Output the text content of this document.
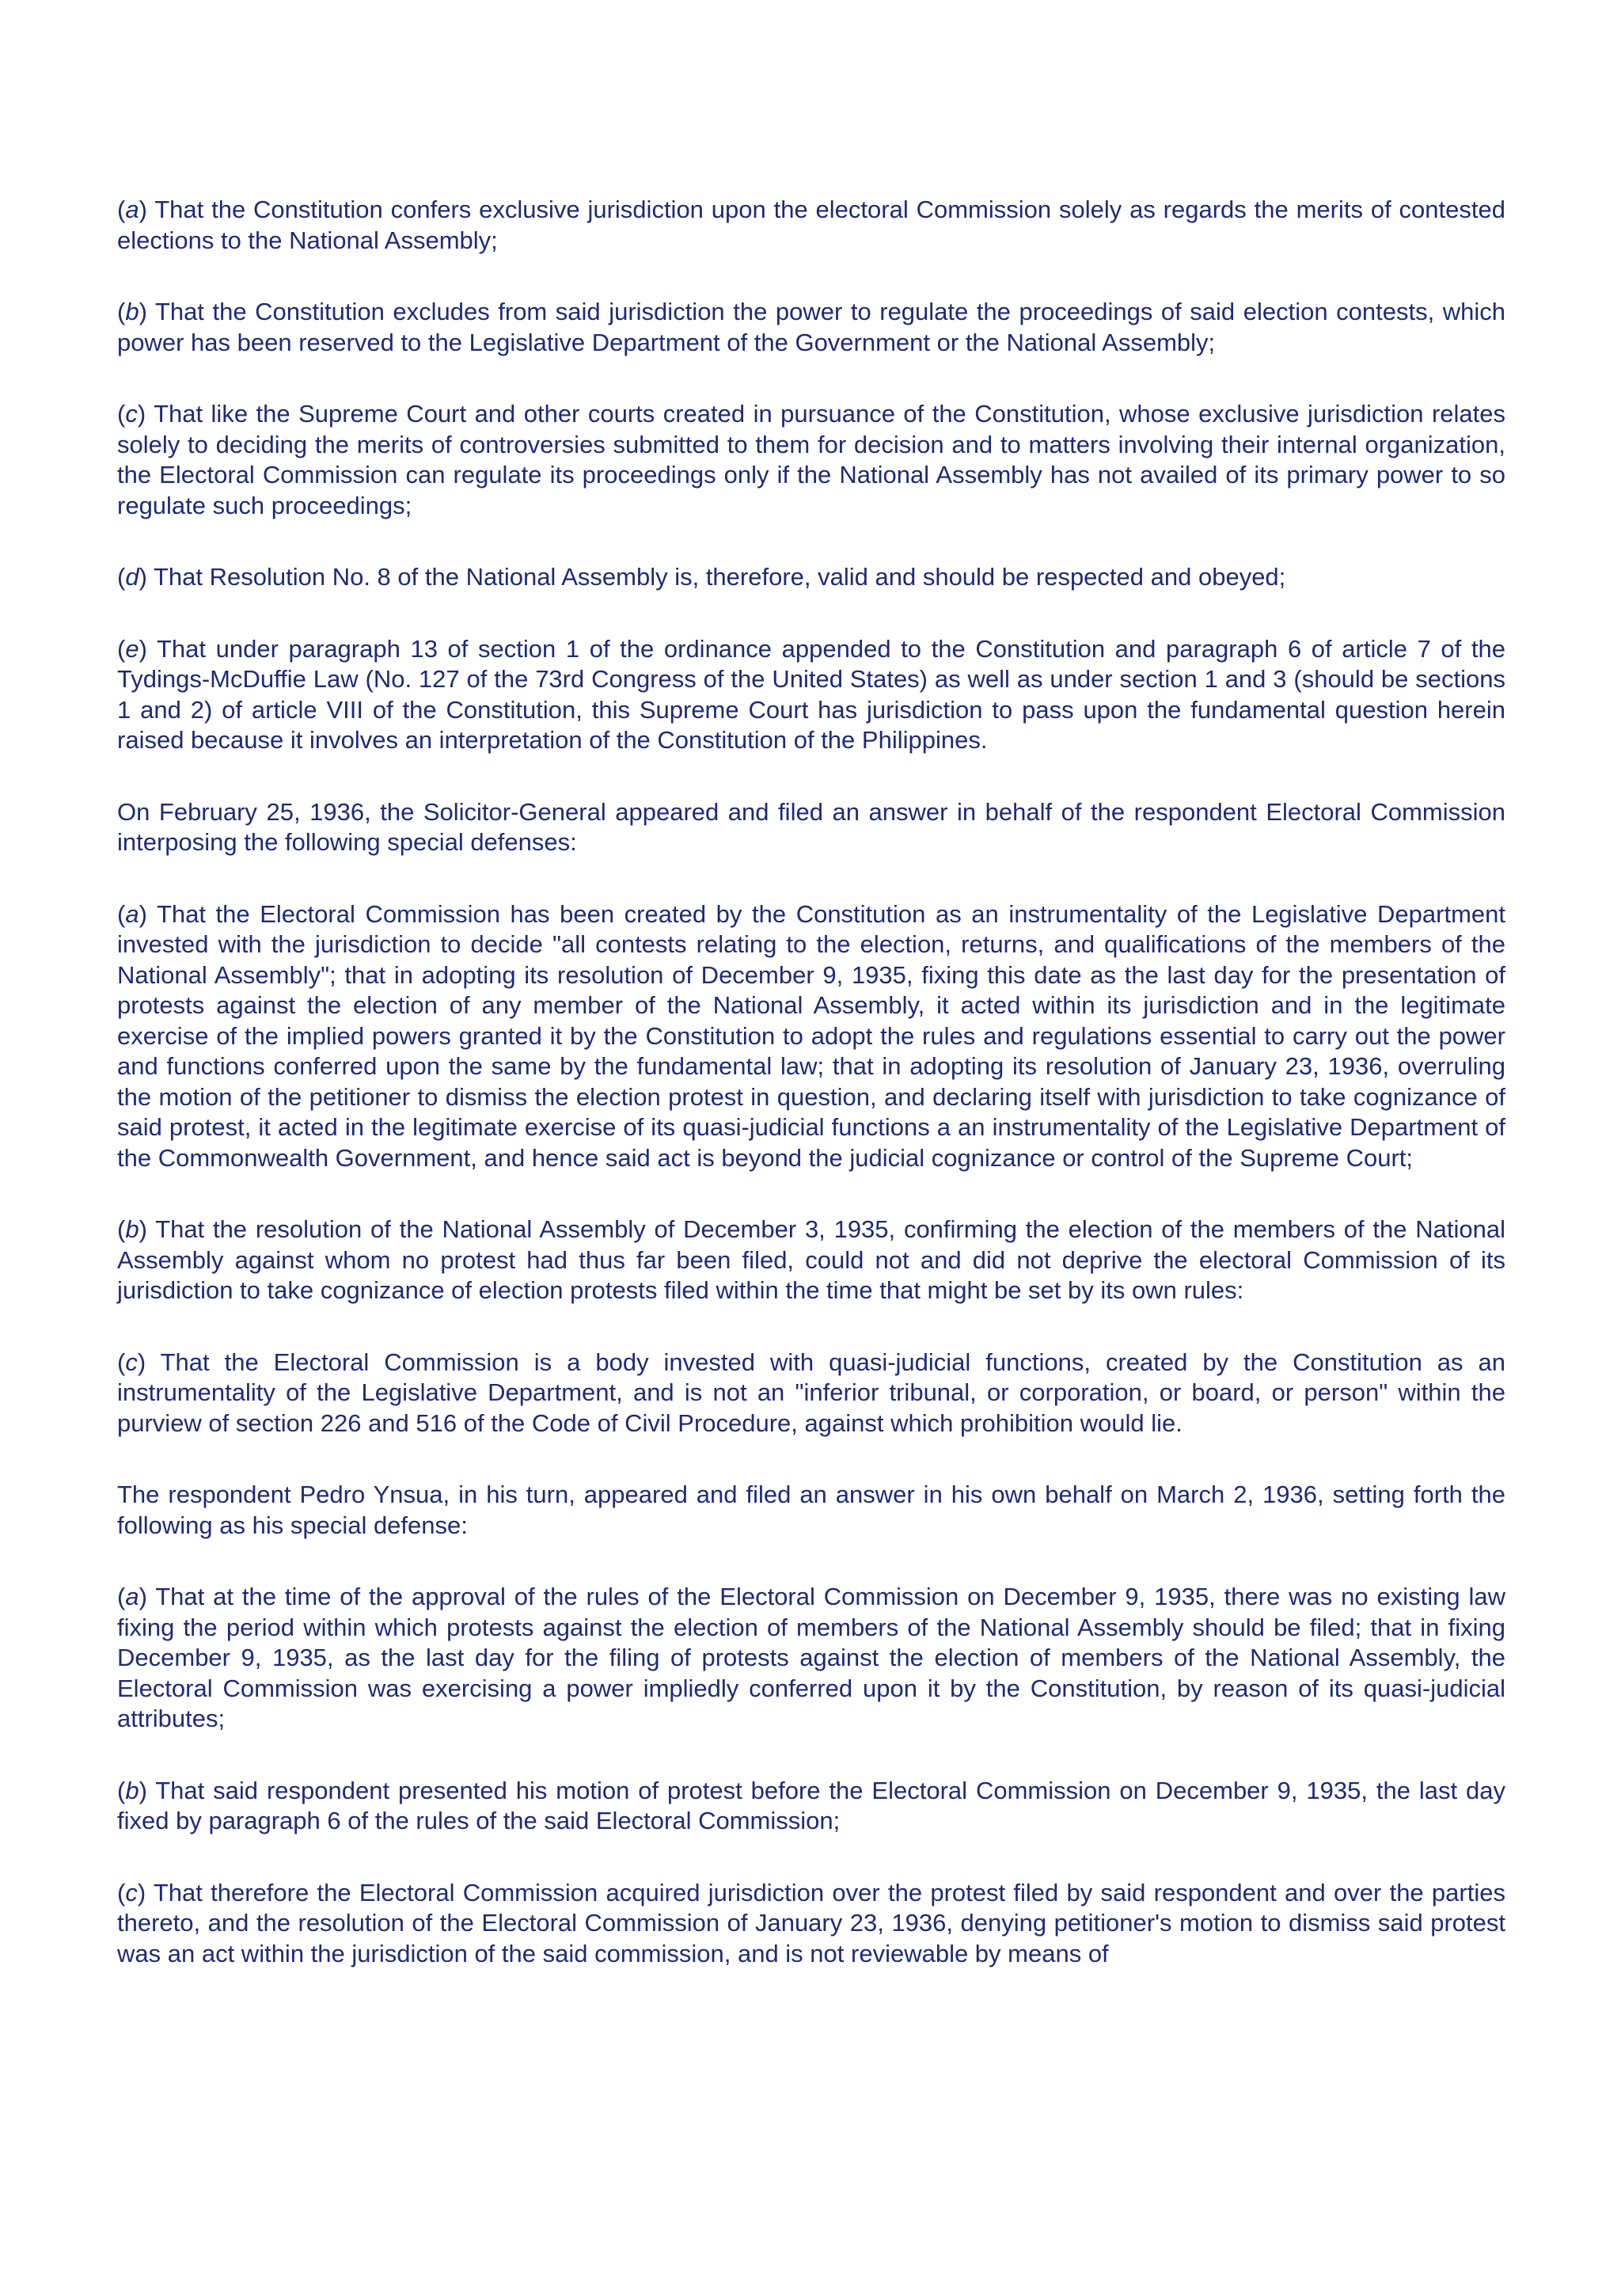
(a) That the Constitution confers exclusive jurisdiction upon the electoral Commission solely as regards the merits of contested elections to the National Assembly;

(b) That the Constitution excludes from said jurisdiction the power to regulate the proceedings of said election contests, which power has been reserved to the Legislative Department of the Government or the National Assembly;

(c) That like the Supreme Court and other courts created in pursuance of the Constitution, whose exclusive jurisdiction relates solely to deciding the merits of controversies submitted to them for decision and to matters involving their internal organization, the Electoral Commission can regulate its proceedings only if the National Assembly has not availed of its primary power to so regulate such proceedings;

(d) That Resolution No. 8 of the National Assembly is, therefore, valid and should be respected and obeyed;

(e) That under paragraph 13 of section 1 of the ordinance appended to the Constitution and paragraph 6 of article 7 of the Tydings-McDuffie Law (No. 127 of the 73rd Congress of the United States) as well as under section 1 and 3 (should be sections 1 and 2) of article VIII of the Constitution, this Supreme Court has jurisdiction to pass upon the fundamental question herein raised because it involves an interpretation of the Constitution of the Philippines.

On February 25, 1936, the Solicitor-General appeared and filed an answer in behalf of the respondent Electoral Commission interposing the following special defenses:

(a) That the Electoral Commission has been created by the Constitution as an instrumentality of the Legislative Department invested with the jurisdiction to decide "all contests relating to the election, returns, and qualifications of the members of the National Assembly"; that in adopting its resolution of December 9, 1935, fixing this date as the last day for the presentation of protests against the election of any member of the National Assembly, it acted within its jurisdiction and in the legitimate exercise of the implied powers granted it by the Constitution to adopt the rules and regulations essential to carry out the power and functions conferred upon the same by the fundamental law; that in adopting its resolution of January 23, 1936, overruling the motion of the petitioner to dismiss the election protest in question, and declaring itself with jurisdiction to take cognizance of said protest, it acted in the legitimate exercise of its quasi-judicial functions a an instrumentality of the Legislative Department of the Commonwealth Government, and hence said act is beyond the judicial cognizance or control of the Supreme Court;

(b) That the resolution of the National Assembly of December 3, 1935, confirming the election of the members of the National Assembly against whom no protest had thus far been filed, could not and did not deprive the electoral Commission of its jurisdiction to take cognizance of election protests filed within the time that might be set by its own rules:

(c) That the Electoral Commission is a body invested with quasi-judicial functions, created by the Constitution as an instrumentality of the Legislative Department, and is not an "inferior tribunal, or corporation, or board, or person" within the purview of section 226 and 516 of the Code of Civil Procedure, against which prohibition would lie.

The respondent Pedro Ynsua, in his turn, appeared and filed an answer in his own behalf on March 2, 1936, setting forth the following as his special defense:

(a) That at the time of the approval of the rules of the Electoral Commission on December 9, 1935, there was no existing law fixing the period within which protests against the election of members of the National Assembly should be filed; that in fixing December 9, 1935, as the last day for the filing of protests against the election of members of the National Assembly, the Electoral Commission was exercising a power impliedly conferred upon it by the Constitution, by reason of its quasi-judicial attributes;

(b) That said respondent presented his motion of protest before the Electoral Commission on December 9, 1935, the last day fixed by paragraph 6 of the rules of the said Electoral Commission;

(c) That therefore the Electoral Commission acquired jurisdiction over the protest filed by said respondent and over the parties thereto, and the resolution of the Electoral Commission of January 23, 1936, denying petitioner's motion to dismiss said protest was an act within the jurisdiction of the said commission, and is not reviewable by means of
